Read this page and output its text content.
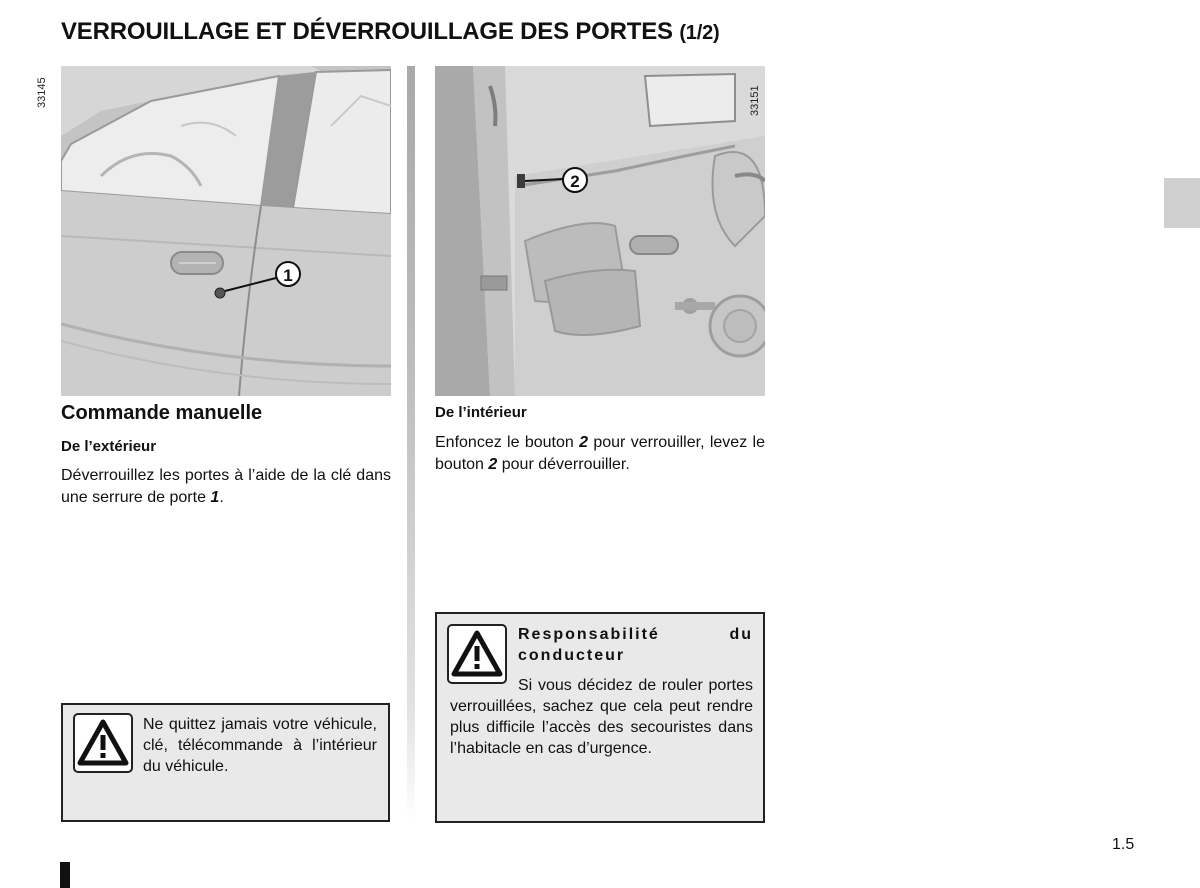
VERROUILLAGE ET DÉVERROUILLAGE DES PORTES (1/2)
1
33145
2
33151
Commande manuelle
De l’extérieur
Déverrouillez les portes à l’aide de la clé dans une serrure de porte 1.
Ne quittez jamais votre véhicule, clé, télécommande à l’intérieur du véhicule.
De l’intérieur
Enfoncez le bouton 2 pour verrouiller, levez le bouton 2 pour déverrouiller.
Responsabilité du conducteur
Si vous décidez de rouler portes verrouillées, sachez que cela peut rendre plus difficile l’accès des secouristes dans l’habitacle en cas d’urgence.
1.5
